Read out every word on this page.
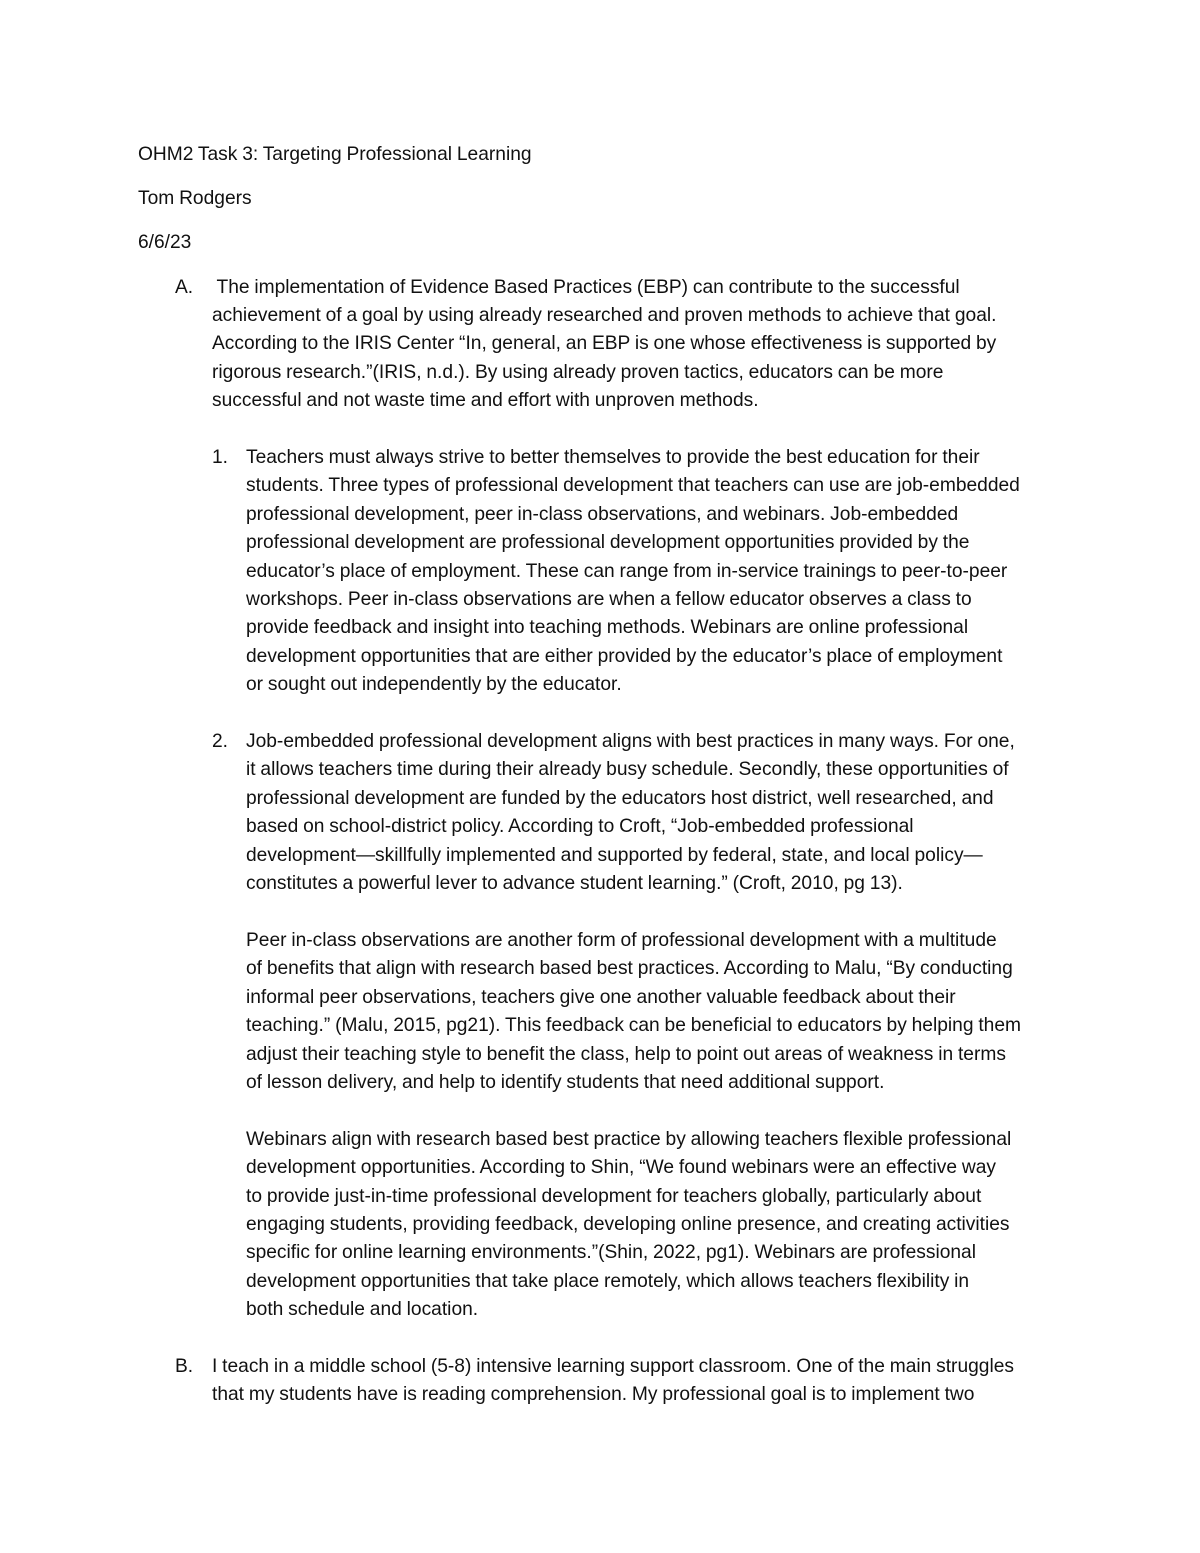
OHM2 Task 3: Targeting Professional Learning

Tom Rodgers

6/6/23

A. The implementation of Evidence Based Practices (EBP) can contribute to the successful
achievement of a goal by using already researched and proven methods to achieve that goal.
According to the IRIS Center “In, general, an EBP is one whose effectiveness is supported by
rigorous research.”(IRIS, n.d.). By using already proven tactics, educators can be more
successful and not waste time and effort with unproven methods.
1. Teachers must always strive to better themselves to provide the best education for their
students. Three types of professional development that teachers can use are job-embedded
professional development, peer in-class observations, and webinars. Job-embedded
professional development are professional development opportunities provided by the
educator’s place of employment. These can range from in-service trainings to peer-to-peer
workshops. Peer in-class observations are when a fellow educator observes a class to
provide feedback and insight into teaching methods. Webinars are online professional
development opportunities that are either provided by the educator’s place of employment
or sought out independently by the educator.
2. Job-embedded professional development aligns with best practices in many ways. For one,
it allows teachers time during their already busy schedule. Secondly, these opportunities of
professional development are funded by the educators host district, well researched, and
based on school-district policy. According to Croft, “Job-embedded professional
development—skillfully implemented and supported by federal, state, and local policy—
constitutes a powerful lever to advance student learning.” (Croft, 2010, pg 13).
Peer in-class observations are another form of professional development with a multitude
of benefits that align with research based best practices. According to Malu, “By conducting
informal peer observations, teachers give one another valuable feedback about their
teaching.” (Malu, 2015, pg21). This feedback can be beneficial to educators by helping them
adjust their teaching style to benefit the class, help to point out areas of weakness in terms
of lesson delivery, and help to identify students that need additional support.
Webinars align with research based best practice by allowing teachers flexible professional
development opportunities. According to Shin, “We found webinars were an effective way
to provide just-in-time professional development for teachers globally, particularly about
engaging students, providing feedback, developing online presence, and creating activities
specific for online learning environments.”(Shin, 2022, pg1). Webinars are professional
development opportunities that take place remotely, which allows teachers flexibility in
both schedule and location.
B. I teach in a middle school (5-8) intensive learning support classroom. One of the main struggles
that my students have is reading comprehension. My professional goal is to implement two
